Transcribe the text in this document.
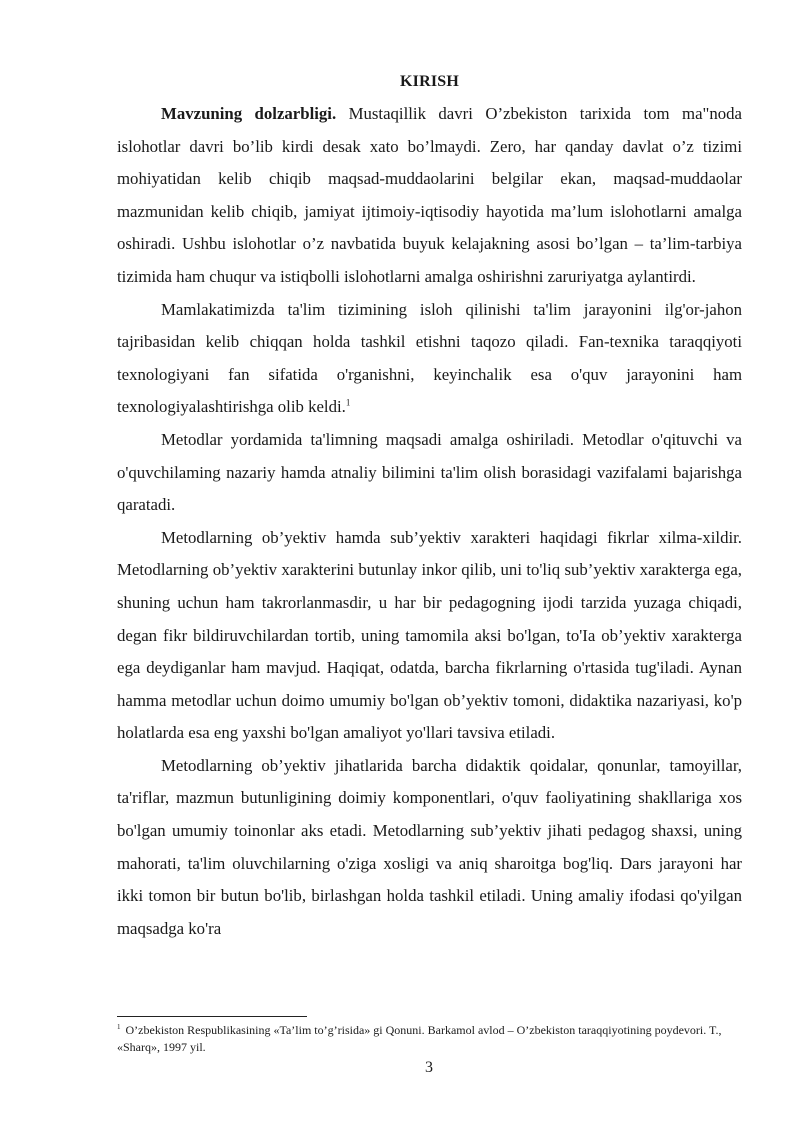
KIRISH

Mavzuning dolzarbligi. Mustaqillik davri O’zbekiston tarixida tom ma"noda islohotlar davri bo’lib kirdi desak xato bo’lmaydi. Zero, har qanday davlat o’z tizimi mohiyatidan kelib chiqib maqsad-muddaolarini belgilar ekan, maqsad-muddaolar mazmunidan kelib chiqib, jamiyat ijtimoiy-iqtisodiy hayotida ma’lum islohotlarni amalga oshiradi. Ushbu islohotlar o’z navbatida buyuk kelajakning asosi bo’lgan – ta’lim-tarbiya tizimida ham chuqur va istiqbolli islohotlarni amalga oshirishni zaruriyatga aylantirdi.

Mamlakatimizda ta'lim tizimining isloh qilinishi ta'lim jarayonini ilg'or-jahon tajribasidan kelib chiqqan holda tashkil etishni taqozo qiladi. Fan-texnika taraqqiyoti texnologiyani fan sifatida o'rganishni, keyinchalik esa o'quv jarayonini ham texnologiyalashtirishga olib keldi.$^1$

Metodlar yordamida ta'limning maqsadi amalga oshiriladi. Metodlar o'qituvchi va o'quvchilaming nazariy hamda atnaliy bilimini ta'lim olish borasidagi vazifalami bajarishga qaratadi.

Metodlarning ob’yektiv hamda sub’yektiv xarakteri haqidagi fikrlar xilma-xildir. Metodlarning ob’yektiv xarakterini butunlay inkor qilib, uni to'liq sub’yektiv xarakterga ega, shuning uchun ham takrorlanmasdir, u har bir pedagogning ijodi tarzida yuzaga chiqadi, degan fikr bildiruvchilardan tortib, uning tamomila aksi bo'lgan, to'Ia ob’yektiv xarakterga ega deydiganlar ham mavjud. Haqiqat, odatda, barcha fikrlarning o'rtasida tug'iladi. Aynan hamma metodlar uchun doimo umumiy bo'lgan ob’yektiv tomoni, didaktika nazariyasi, ko'p holatlarda esa eng yaxshi bo'lgan amaliyot yo'llari tavsiva etiladi.

Metodlarning ob’yektiv jihatlarida barcha didaktik qoidalar, qonunlar, tamoyillar, ta'riflar, mazmun butunligining doimiy komponentlari, o'quv faoliyatining shakllariga xos bo'lgan umumiy toinonlar aks etadi. Metodlarning sub’yektiv jihati pedagog shaxsi, uning mahorati, ta'lim oluvchilarning o'ziga xosligi va aniq sharoitga bog'liq. Dars jarayoni har ikki tomon bir butun bo'lib, birlashgan holda tashkil etiladi. Uning amaliy ifodasi qo'yilgan maqsadga ko'ra

$^1$ O’zbekiston Respublikasining «Ta’lim to’g’risida» gi Qonuni. Barkamol avlod – O’zbekiston taraqqiyotining poydevori. T., «Sharq», 1997 yil.
3
